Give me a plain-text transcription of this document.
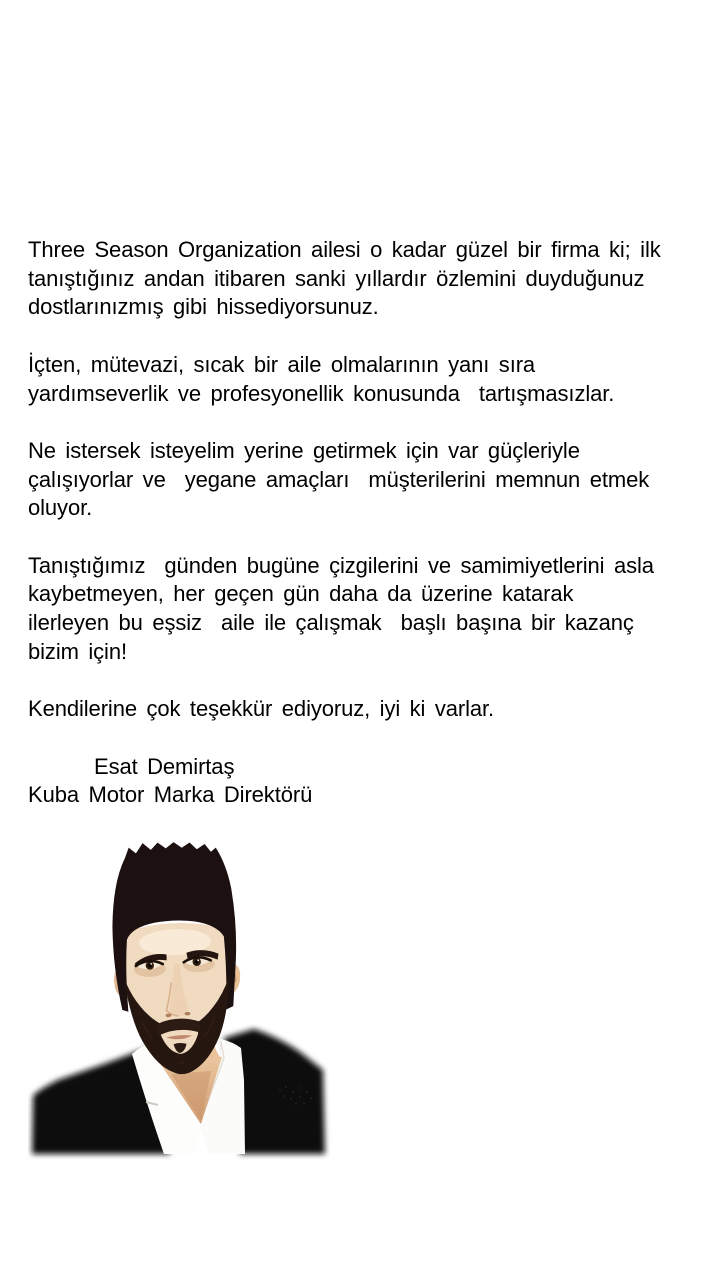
Three Season Organization ailesi o kadar güzel bir firma ki; ilk
tanıştığınız andan itibaren sanki yıllardır özlemini duyduğunuz
dostlarınızmış gibi hissediyorsunuz.
İçten, mütevazi, sıcak bir aile olmalarının yanı sıra
yardımseverlik ve profesyonellik konusunda  tartışmasızlar.
Ne istersek isteyelim yerine getirmek için var güçleriyle
çalışıyorlar ve  yegane amaçları  müşterilerini memnun etmek
oluyor.
Tanıştığımız  günden bugüne çizgilerini ve samimiyetlerini asla
kaybetmeyen, her geçen gün daha da üzerine katarak
ilerleyen bu eşsiz  aile ile çalışmak  başlı başına bir kazanç
bizim için!
Kendilerine çok teşekkür ediyoruz, iyi ki varlar.
Esat Demirtaş
Kuba Motor Marka Direktörü
